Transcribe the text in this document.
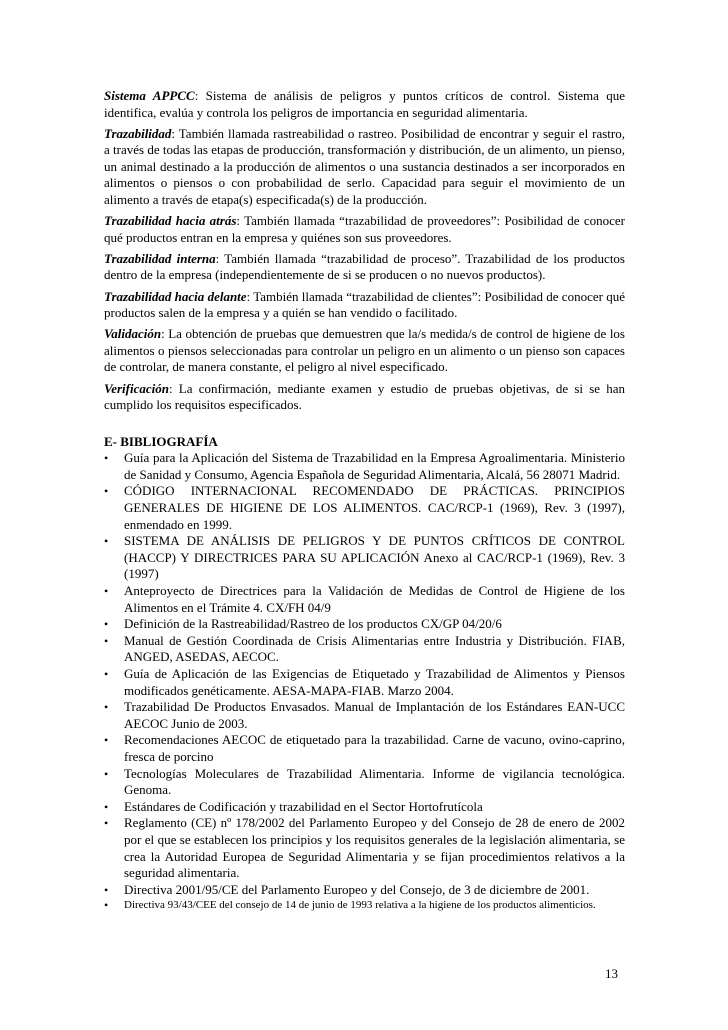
Sistema APPCC: Sistema de análisis de peligros y puntos críticos de control. Sistema que identifica, evalúa y controla los peligros de importancia en seguridad alimentaria.

Trazabilidad: También llamada rastreabilidad o rastreo. Posibilidad de encontrar y seguir el rastro, a través de todas las etapas de producción, transformación y distribución, de un alimento, un pienso, un animal destinado a la producción de alimentos o una sustancia destinados a ser incorporados en alimentos o piensos o con probabilidad de serlo. Capacidad para seguir el movimiento de un alimento a través de etapa(s) especificada(s) de la producción.

Trazabilidad hacia atrás: También llamada “trazabilidad de proveedores”: Posibilidad de conocer qué productos entran en la empresa y quiénes son sus proveedores.

Trazabilidad interna: También llamada “trazabilidad de proceso”. Trazabilidad de los productos dentro de la empresa (independientemente de si se producen o no nuevos productos).

Trazabilidad hacia delante: También llamada “trazabilidad de clientes”: Posibilidad de conocer qué productos salen de la empresa y a quién se han vendido o facilitado.

Validación: La obtención de pruebas que demuestren que la/s medida/s de control de higiene de los alimentos o piensos seleccionadas para controlar un peligro en un alimento o un pienso son capaces de controlar, de manera constante, el peligro al nivel especificado.

Verificación: La confirmación, mediante examen y estudio de pruebas objetivas, de si se han cumplido los requisitos especificados.

E- BIBLIOGRAFÍA
• Guía para la Aplicación del Sistema de Trazabilidad en la Empresa Agroalimentaria. Ministerio de Sanidad y Consumo, Agencia Española de Seguridad Alimentaria, Alcalá, 56 28071 Madrid.
• CÓDIGO INTERNACIONAL RECOMENDADO DE PRÁCTICAS. PRINCIPIOS GENERALES DE HIGIENE DE LOS ALIMENTOS. CAC/RCP-1 (1969), Rev. 3 (1997), enmendado en 1999.
• SISTEMA DE ANÁLISIS DE PELIGROS Y DE PUNTOS CRÍTICOS DE CONTROL (HACCP) Y DIRECTRICES PARA SU APLICACIÓN Anexo al CAC/RCP-1 (1969), Rev. 3 (1997)
• Anteproyecto de Directrices para la Validación de Medidas de Control de Higiene de los Alimentos en el Trámite 4. CX/FH 04/9
• Definición de la Rastreabilidad/Rastreo de los productos CX/GP 04/20/6
• Manual de Gestión Coordinada de Crisis Alimentarias entre Industria y Distribución. FIAB, ANGED, ASEDAS, AECOC.
• Guía de Aplicación de las Exigencias de Etiquetado y Trazabilidad de Alimentos y Piensos modificados genéticamente. AESA-MAPA-FIAB. Marzo 2004.
• Trazabilidad De Productos Envasados. Manual de Implantación de los Estándares EAN-UCC AECOC Junio de 2003.
• Recomendaciones AECOC de etiquetado para la trazabilidad. Carne de vacuno, ovino-caprino, fresca de porcino
• Tecnologías Moleculares de Trazabilidad Alimentaria. Informe de vigilancia tecnológica. Genoma.
• Estándares de Codificación y trazabilidad en el Sector Hortofrutícola
• Reglamento (CE) nº 178/2002 del Parlamento Europeo y del Consejo de 28 de enero de 2002 por el que se establecen los principios y los requisitos generales de la legislación alimentaria, se crea la Autoridad Europea de Seguridad Alimentaria y se fijan procedimientos relativos a la seguridad alimentaria.
• Directiva 2001/95/CE del Parlamento Europeo y del Consejo, de 3 de diciembre de 2001.
• Directiva 93/43/CEE del consejo de 14 de junio de 1993 relativa a la higiene de los productos alimenticios.
13
